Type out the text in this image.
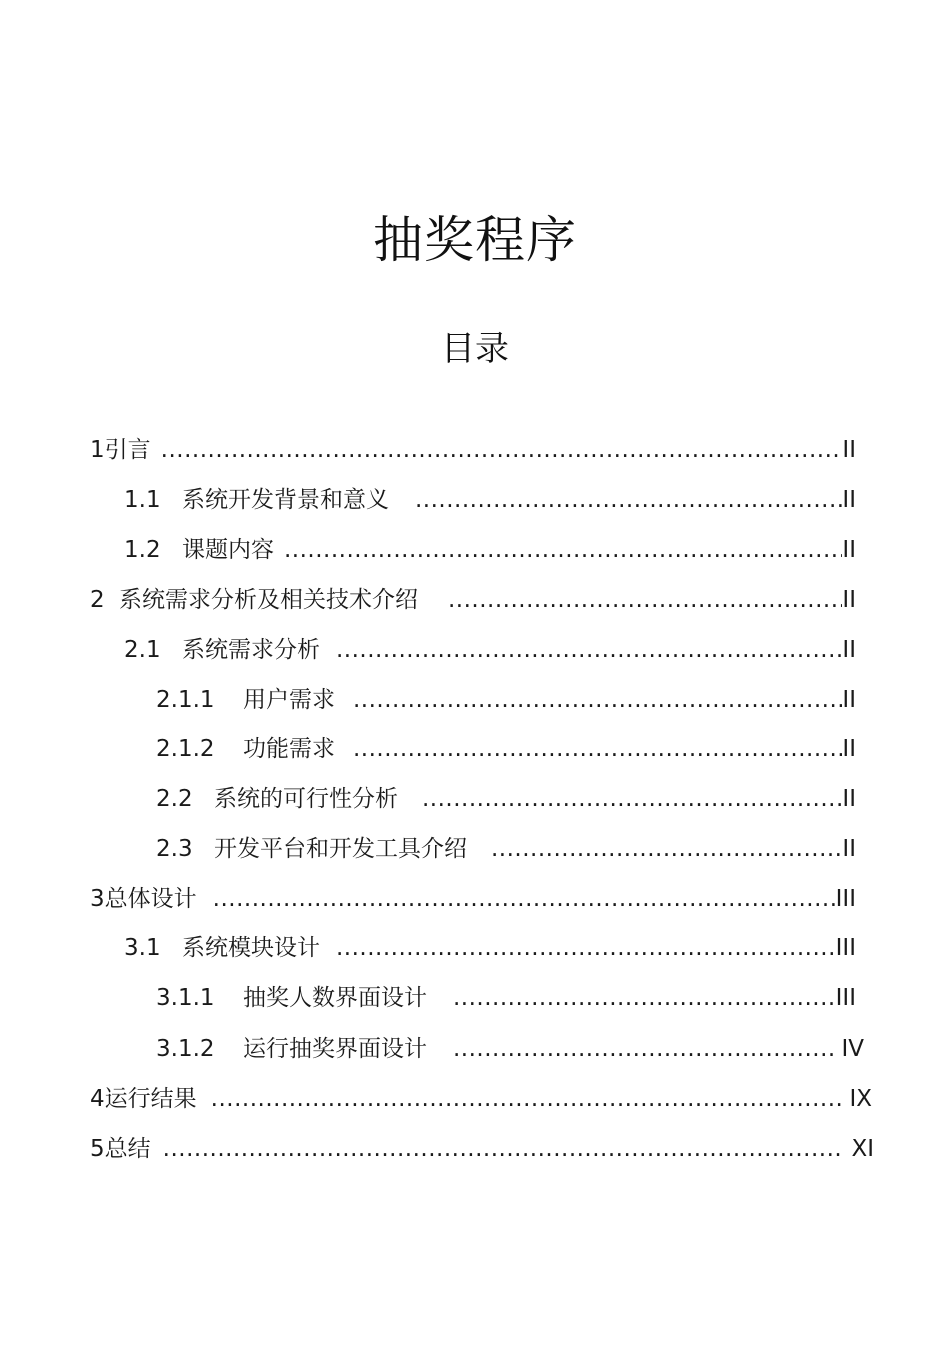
抽奖程序
目录
1 引言 .....	II
1.1 系统开发背景和意义 .....	II
1.2 课题内容 .....	II
2 系统需求分析及相关技术介绍 .....	II
2.1 系统需求分析 .....	II
2.1.1	用户需求 .....	II
2.1.2	功能需求 .....	II
2.2 系统的可行性分析 .....	II
2.3 开发平台和开发工具介绍 .....	II
3 总体设计 .....	III
3.1 系统模块设计 .....	III
3.1.1	抽奖人数界面设计 .....	III
3.1.2	运行抽奖界面设计 .....	IV
4 运行结果 .....	IX
5 总结 .....	XI
